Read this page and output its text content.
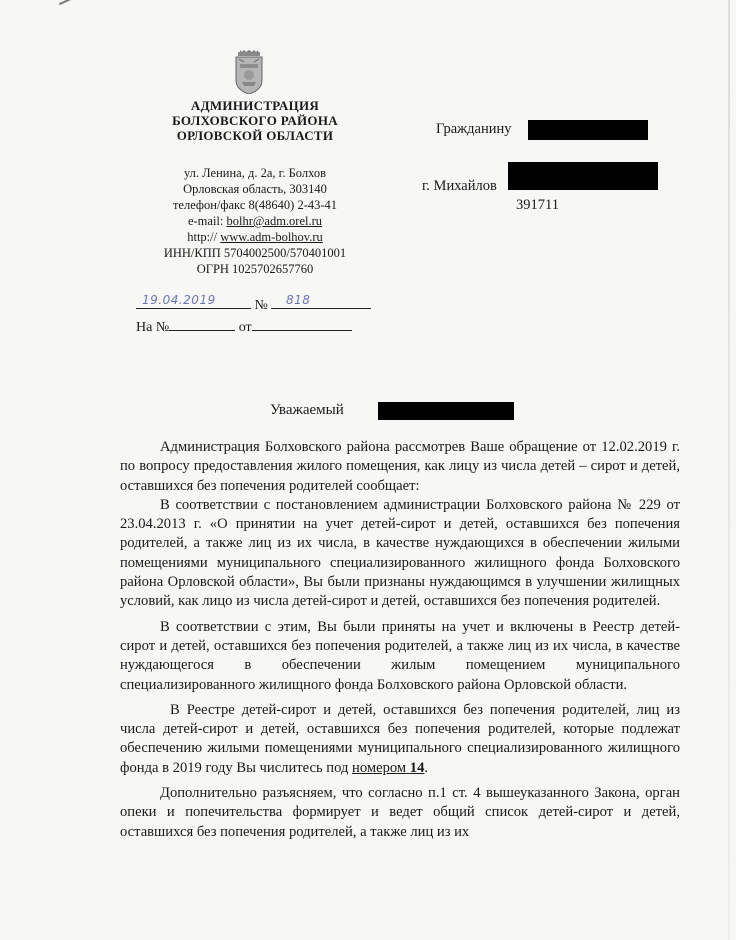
АДМИНИСТРАЦИЯ
БОЛХОВСКОГО РАЙОНА
ОРЛОВСКОЙ ОБЛАСТИ
ул. Ленина, д. 2а, г. Болхов
Орловская область, 303140
телефон/факс 8(48640) 2-43-41
e-mail: bolhr@adm.orel.ru
http:// www.adm-bolhov.ru
ИНН/КПП 5704002500/570401001
ОГРН 1025702657760
Гражданину
г. Михайлов
391711
№
19.04.2019	818
На №	от
Уважаемый

Администрация Болховского района рассмотрев Ваше обращение от 12.02.2019 г. по вопросу предоставления жилого помещения, как лицу из числа детей – сирот и детей, оставшихся без попечения родителей сообщает:

В соответствии с постановлением администрации Болховского района № 229 от 23.04.2013 г. «О принятии на учет детей-сирот и детей, оставшихся без попечения родителей, а также лиц из их числа, в качестве нуждающихся в обеспечении жилыми помещениями муниципального специализированного жилищного фонда Болховского района Орловской области», Вы были признаны нуждающимся в улучшении жилищных условий, как лицо из числа детей-сирот и детей, оставшихся без попечения родителей.

В соответствии с этим, Вы были приняты на учет и включены в Реестр детей-сирот и детей, оставшихся без попечения родителей, а также лиц из их числа, в качестве нуждающегося в обеспечении жилым помещением муниципального специализированного жилищного фонда Болховского района Орловской области.

В Реестре детей-сирот и детей, оставшихся без попечения родителей, лиц из числа детей-сирот и детей, оставшихся без попечения родителей, которые подлежат обеспечению жилыми помещениями муниципального специализированного жилищного фонда в 2019 году Вы числитесь под номером 14.

Дополнительно разъясняем, что согласно п.1 ст. 4 вышеуказанного Закона, орган опеки и попечительства формирует и ведет общий список детей-сирот и детей, оставшихся без попечения родителей, а также лиц из их
